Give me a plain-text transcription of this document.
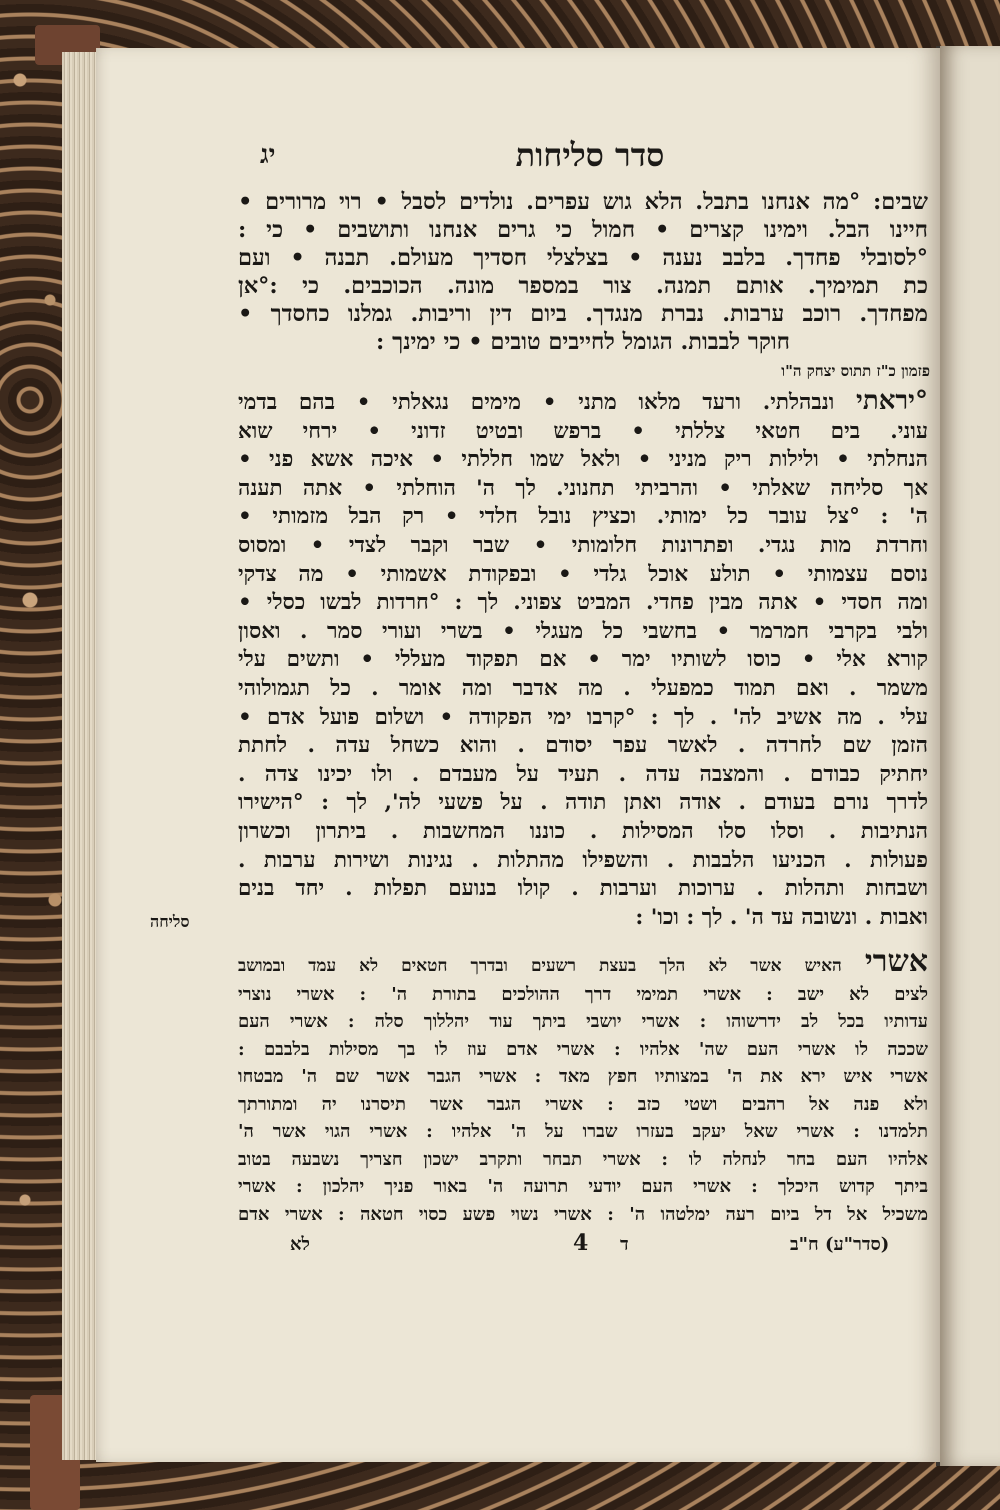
סדר סליחות
יג
שבים: °מה אנחנו בתבל. הלא גוש עפרים. נולדים לסבל • רוי מרורים •
חיינו הבל. וימינו קצרים • חמול כי גרים אנחנו ותושבים • כי :
°לסובלי פחדך. בלבב נענה • בצלצלי חסדיך מעולם. תבנה • ועם
כת תמימיך. אותם תמנה. צור במספר מונה. הכוכבים. כי :°אן
מפחדך. רוכב ערבות. נברת מנגדך. ביום דין וריבות. גמלנו כחסדך •
חוקר לבבות. הגומל לחייבים טובים • כי ימינך :
פזמון כ"ז תתוס יצחק ה"ו
°יראתי ונבהלתי. ורעד מלאו מתני • מימים נגאלתי • בהם בדמי
עוני. בים חטאי צללתי • ברפש ובטיט זדוני • ירחי שוא
הנחלתי • ולילות ריק מניני • ולאל שמו חללתי • איכה אשא פני •
אך סליחה שאלתי • והרביתי תחנוני. לך ה' הוחלתי • אתה תענה
ה' : °צל עובר כל ימותי. וכציץ נובל חלדי • רק הבל מזמותי •
וחרדת מות נגדי. ופתרונות חלומותי • שבר וקבר לצדי • ומסוס
נוסם עצמותי • תולע אוכל גלדי • ובפקודת אשמותי • מה צדקי
ומה חסדי • אתה מבין פחדי. המביט צפוני. לך : °חרדות לבשו כסלי •
ולבי בקרבי חמרמר • בחשבי כל מעגלי • בשרי ועורי סמר . ואסון
קורא אלי • כוסו לשותיו ימר • אם תפקוד מעללי • ותשים עלי
משמר . ואם תמוד כמפעלי . מה אדבר ומה אומר . כל תגמולוהי
עלי . מה אשיב לה' . לך : °קרבו ימי הפקודה • ושלום פועל אדם •
הזמן שם לחרדה . לאשר עפר יסודם . והוא כשחל עדה . לחתת
יחתיק כבודם . והמצבה עדה . תעיד על מעבדם . ולו יכינו צדה .
לדרך נורם בעודם . אודה ואתן תודה . על פשעי לה', לך : °הישירו
הנתיבות . וסלו סלו המסילות . כוננו המחשבות . ביתרון וכשרון
פעולות . הכניעו הלבבות . והשפילו מהתלות . נגינות ושירות ערבות .
ושבחות ותהלות . ערוכות וערבות . קולו בנועם תפלות . יחד בנים
ואבות . ונשובה עד ה' . לך : וכו' :
סליחה
אשרי האיש אשר לא הלך בעצת רשעים ובדרך חטאים לא עמד ובמושב
לצים לא ישב : אשרי תמימי דרך ההולכים בתורת ה' : אשרי נוצרי
עדותיו בכל לב ידרשוהו : אשרי יושבי ביתך עוד יהללוך סלה : אשרי העם
שככה לו אשרי העם שה' אלהיו : אשרי אדם עוז לו בך מסילות בלבבם :
אשרי איש ירא את ה' במצותיו חפץ מאד : אשרי הגבר אשר שם ה' מבטחו
ולא פנה אל רהבים ושטי כזב : אשרי הגבר אשר תיסרנו יה ומתורתך
תלמדנו : אשרי שאל יעקב בעזרו שברו על ה' אלהיו : אשרי הגוי אשר ה'
אלהיו העם בחר לנחלה לו : אשרי תבחר ותקרב ישכון חצריך נשבעה בטוב
ביתך קדוש היכלך : אשרי העם יודעי תרועה ה' באור פניך יהלכון : אשרי
משכיל אל דל ביום רעה ימלטהו ה' : אשרי נשוי פשע כסוי חטאה : אשרי אדם
(סדר"ע) ח"ב
ד
4
לא
